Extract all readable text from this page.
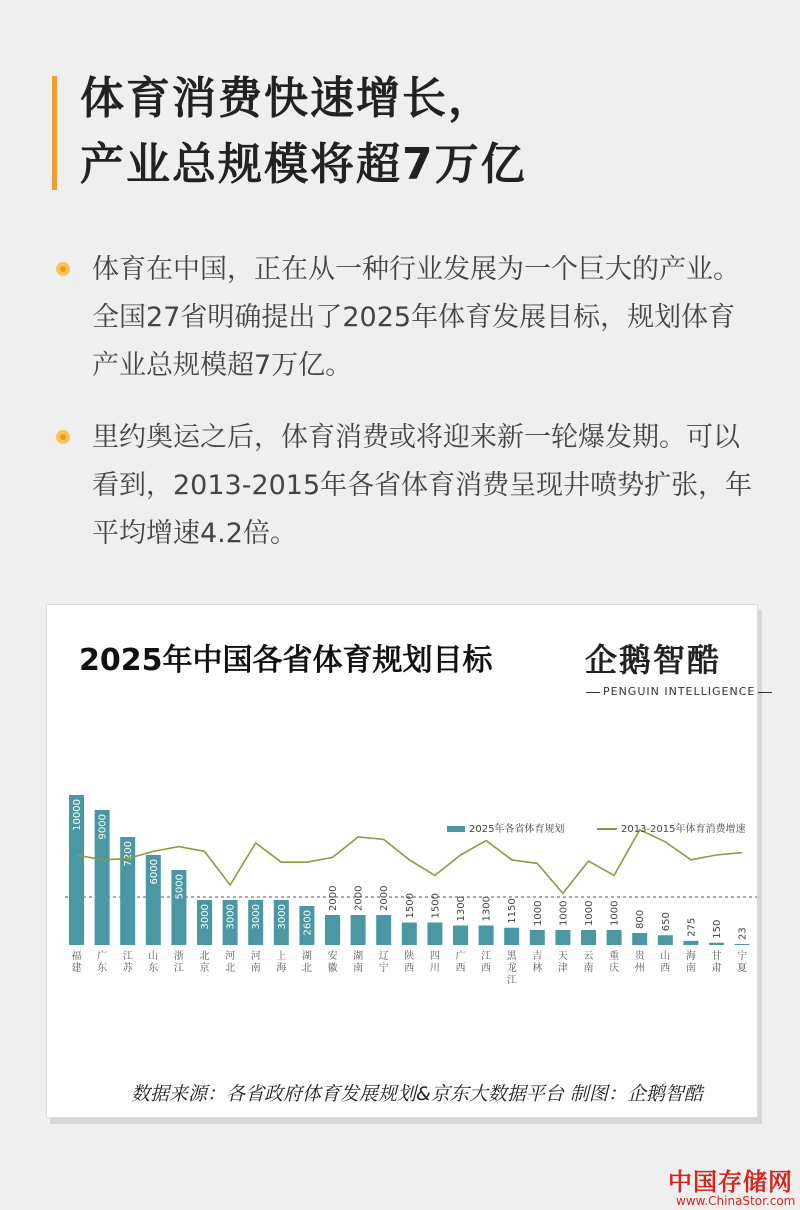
体育消费快速增长，
产业总规模将超7万亿
体育在中国，正在从一种行业发展为一个巨大的产业。全国27省明确提出了2025年体育发展目标，规划体育产业总规模超7万亿。
里约奥运之后，体育消费或将迎来新一轮爆发期。可以看到，2013-2015年各省体育消费呈现井喷势扩张，年平均增速4.2倍。
2025年中国各省体育规划目标	企鹅智酷
PENGUIN INTELLIGENCE
10000
福
建
9000
广
东
7200
江
苏
6000
山
东
5000
浙
江
3000
北
京
3000
河
北
3000
河
南
3000
上
海
2600
湖
北
2000
安
徽
2000
湖
南
2000
辽
宁
1500
陕
西
1500
四
川
1300
广
西
1300
江
西
1150
黑
龙
江
1000
吉
林
1000
天
津
1000
云
南
1000
重
庆
800
贵
州
650
山
西
275
海
南
150
甘
肃
23
宁
夏
2025年各省体育规划	2013-2015年体育消费增速
数据来源：各省政府体育发展规划&京东大数据平台 制图：企鹅智酷
中国存储网
www.ChinaStor.com
